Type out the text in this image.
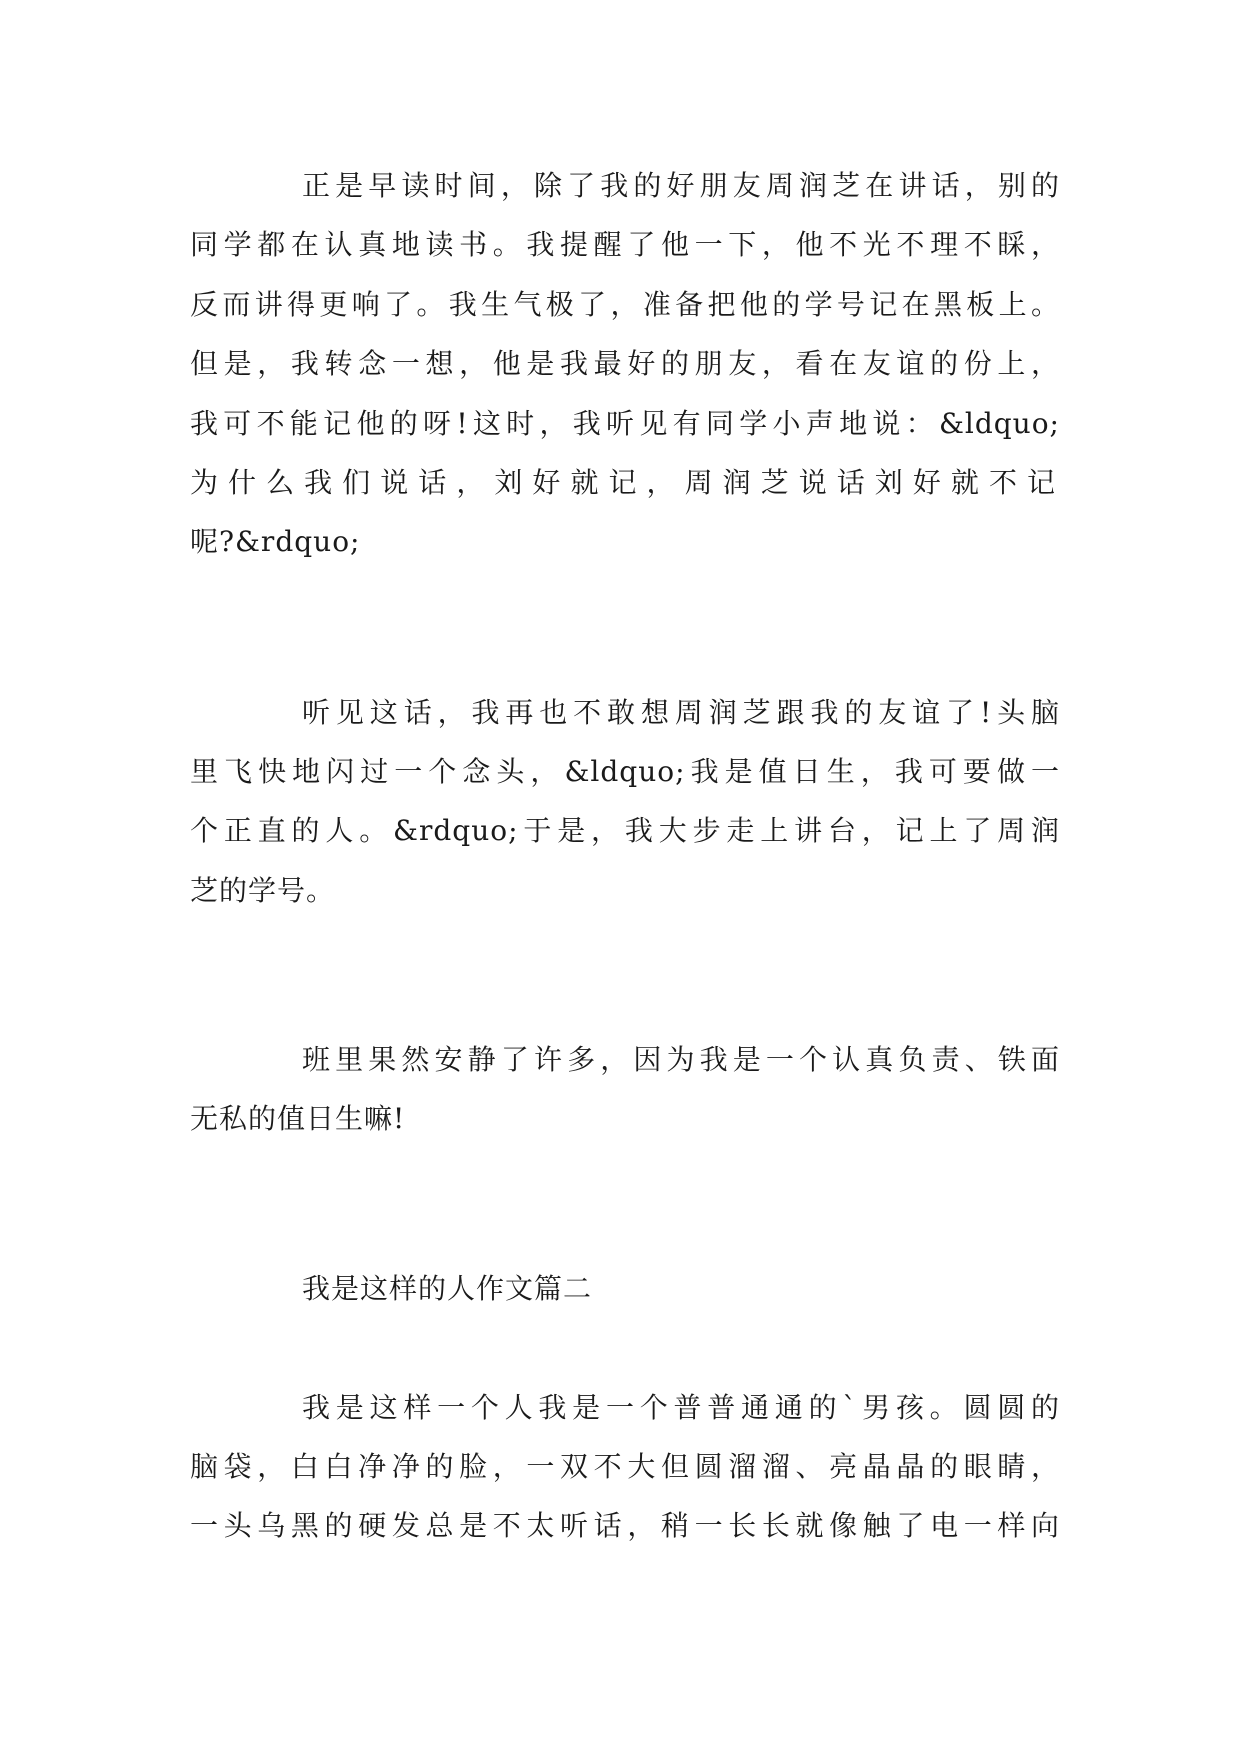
正是早读时间，除了我的好朋友周润芝在讲话，别的
同学都在认真地读书。我提醒了他一下，他不光不理不睬，
反而讲得更响了。我生气极了，准备把他的学号记在黑板上。
但是，我转念一想，他是我最好的朋友，看在友谊的份上，
我可不能记他的呀!这时，我听见有同学小声地说：&ldquo;
为什么我们说话，刘好就记，周润芝说话刘好就不记
呢?&rdquo;
听见这话，我再也不敢想周润芝跟我的友谊了!头脑
里飞快地闪过一个念头，&ldquo;我是值日生，我可要做一
个正直的人。&rdquo;于是，我大步走上讲台，记上了周润
芝的学号。
班里果然安静了许多，因为我是一个认真负责、铁面
无私的值日生嘛!
我是这样的人作文篇二
我是这样一个人我是一个普普通通的`男孩。圆圆的
脑袋，白白净净的脸，一双不大但圆溜溜、亮晶晶的眼睛，
一头乌黑的硬发总是不太听话，稍一长长就像触了电一样向
